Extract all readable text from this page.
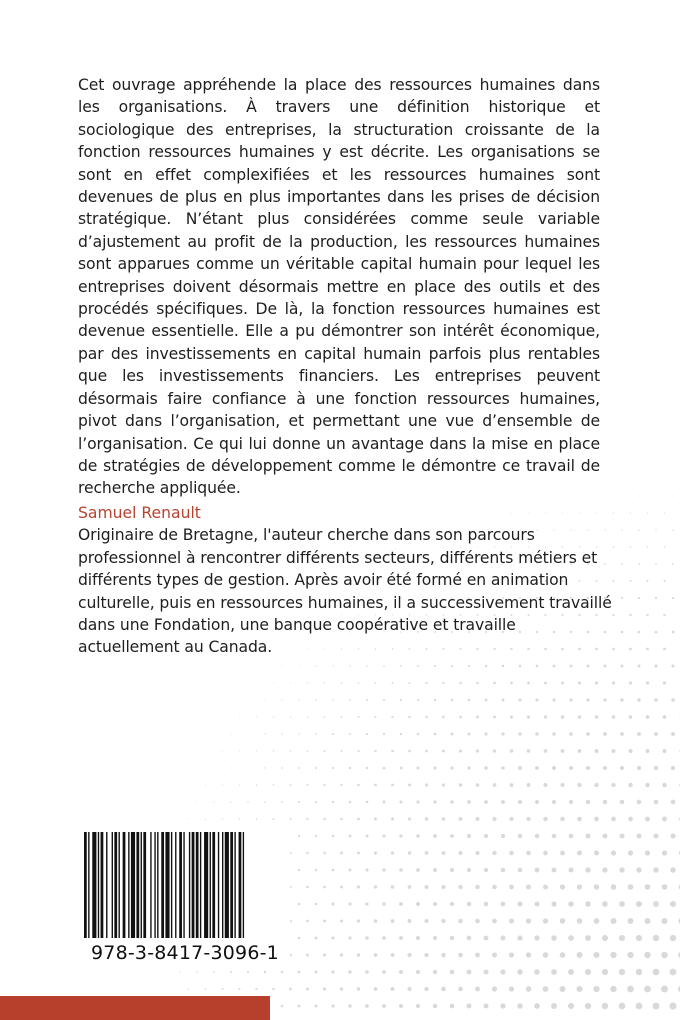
Cet ouvrage appréhende la place des ressources humaines dans les organisations. À travers une définition historique et sociologique des entreprises, la structuration croissante de la fonction ressources humaines y est décrite. Les organisations se sont en effet complexifiées et les ressources humaines sont devenues de plus en plus importantes dans les prises de décision stratégique. N’étant plus considérées comme seule variable d’ajustement au profit de la production, les ressources humaines sont apparues comme un véritable capital humain pour lequel les entreprises doivent désormais mettre en place des outils et des procédés spécifiques. De là, la fonction ressources humaines est devenue essentielle. Elle a pu démontrer son intérêt économique, par des investissements en capital humain parfois plus rentables que les investissements financiers. Les entreprises peuvent désormais faire confiance à une fonction ressources humaines, pivot dans l’organisation, et permettant une vue d’ensemble de l’organisation. Ce qui lui donne un avantage dans la mise en place de stratégies de développement comme le démontre ce travail de recherche appliquée.

Samuel Renault

Originaire de Bretagne, l'auteur cherche dans son parcours professionnel à rencontrer différents secteurs, différents métiers et différents types de gestion. Après avoir été formé en animation culturelle, puis en ressources humaines, il a successivement travaillé dans une Fondation, une banque coopérative et travaille actuellement au Canada.

978-3-8417-3096-1
